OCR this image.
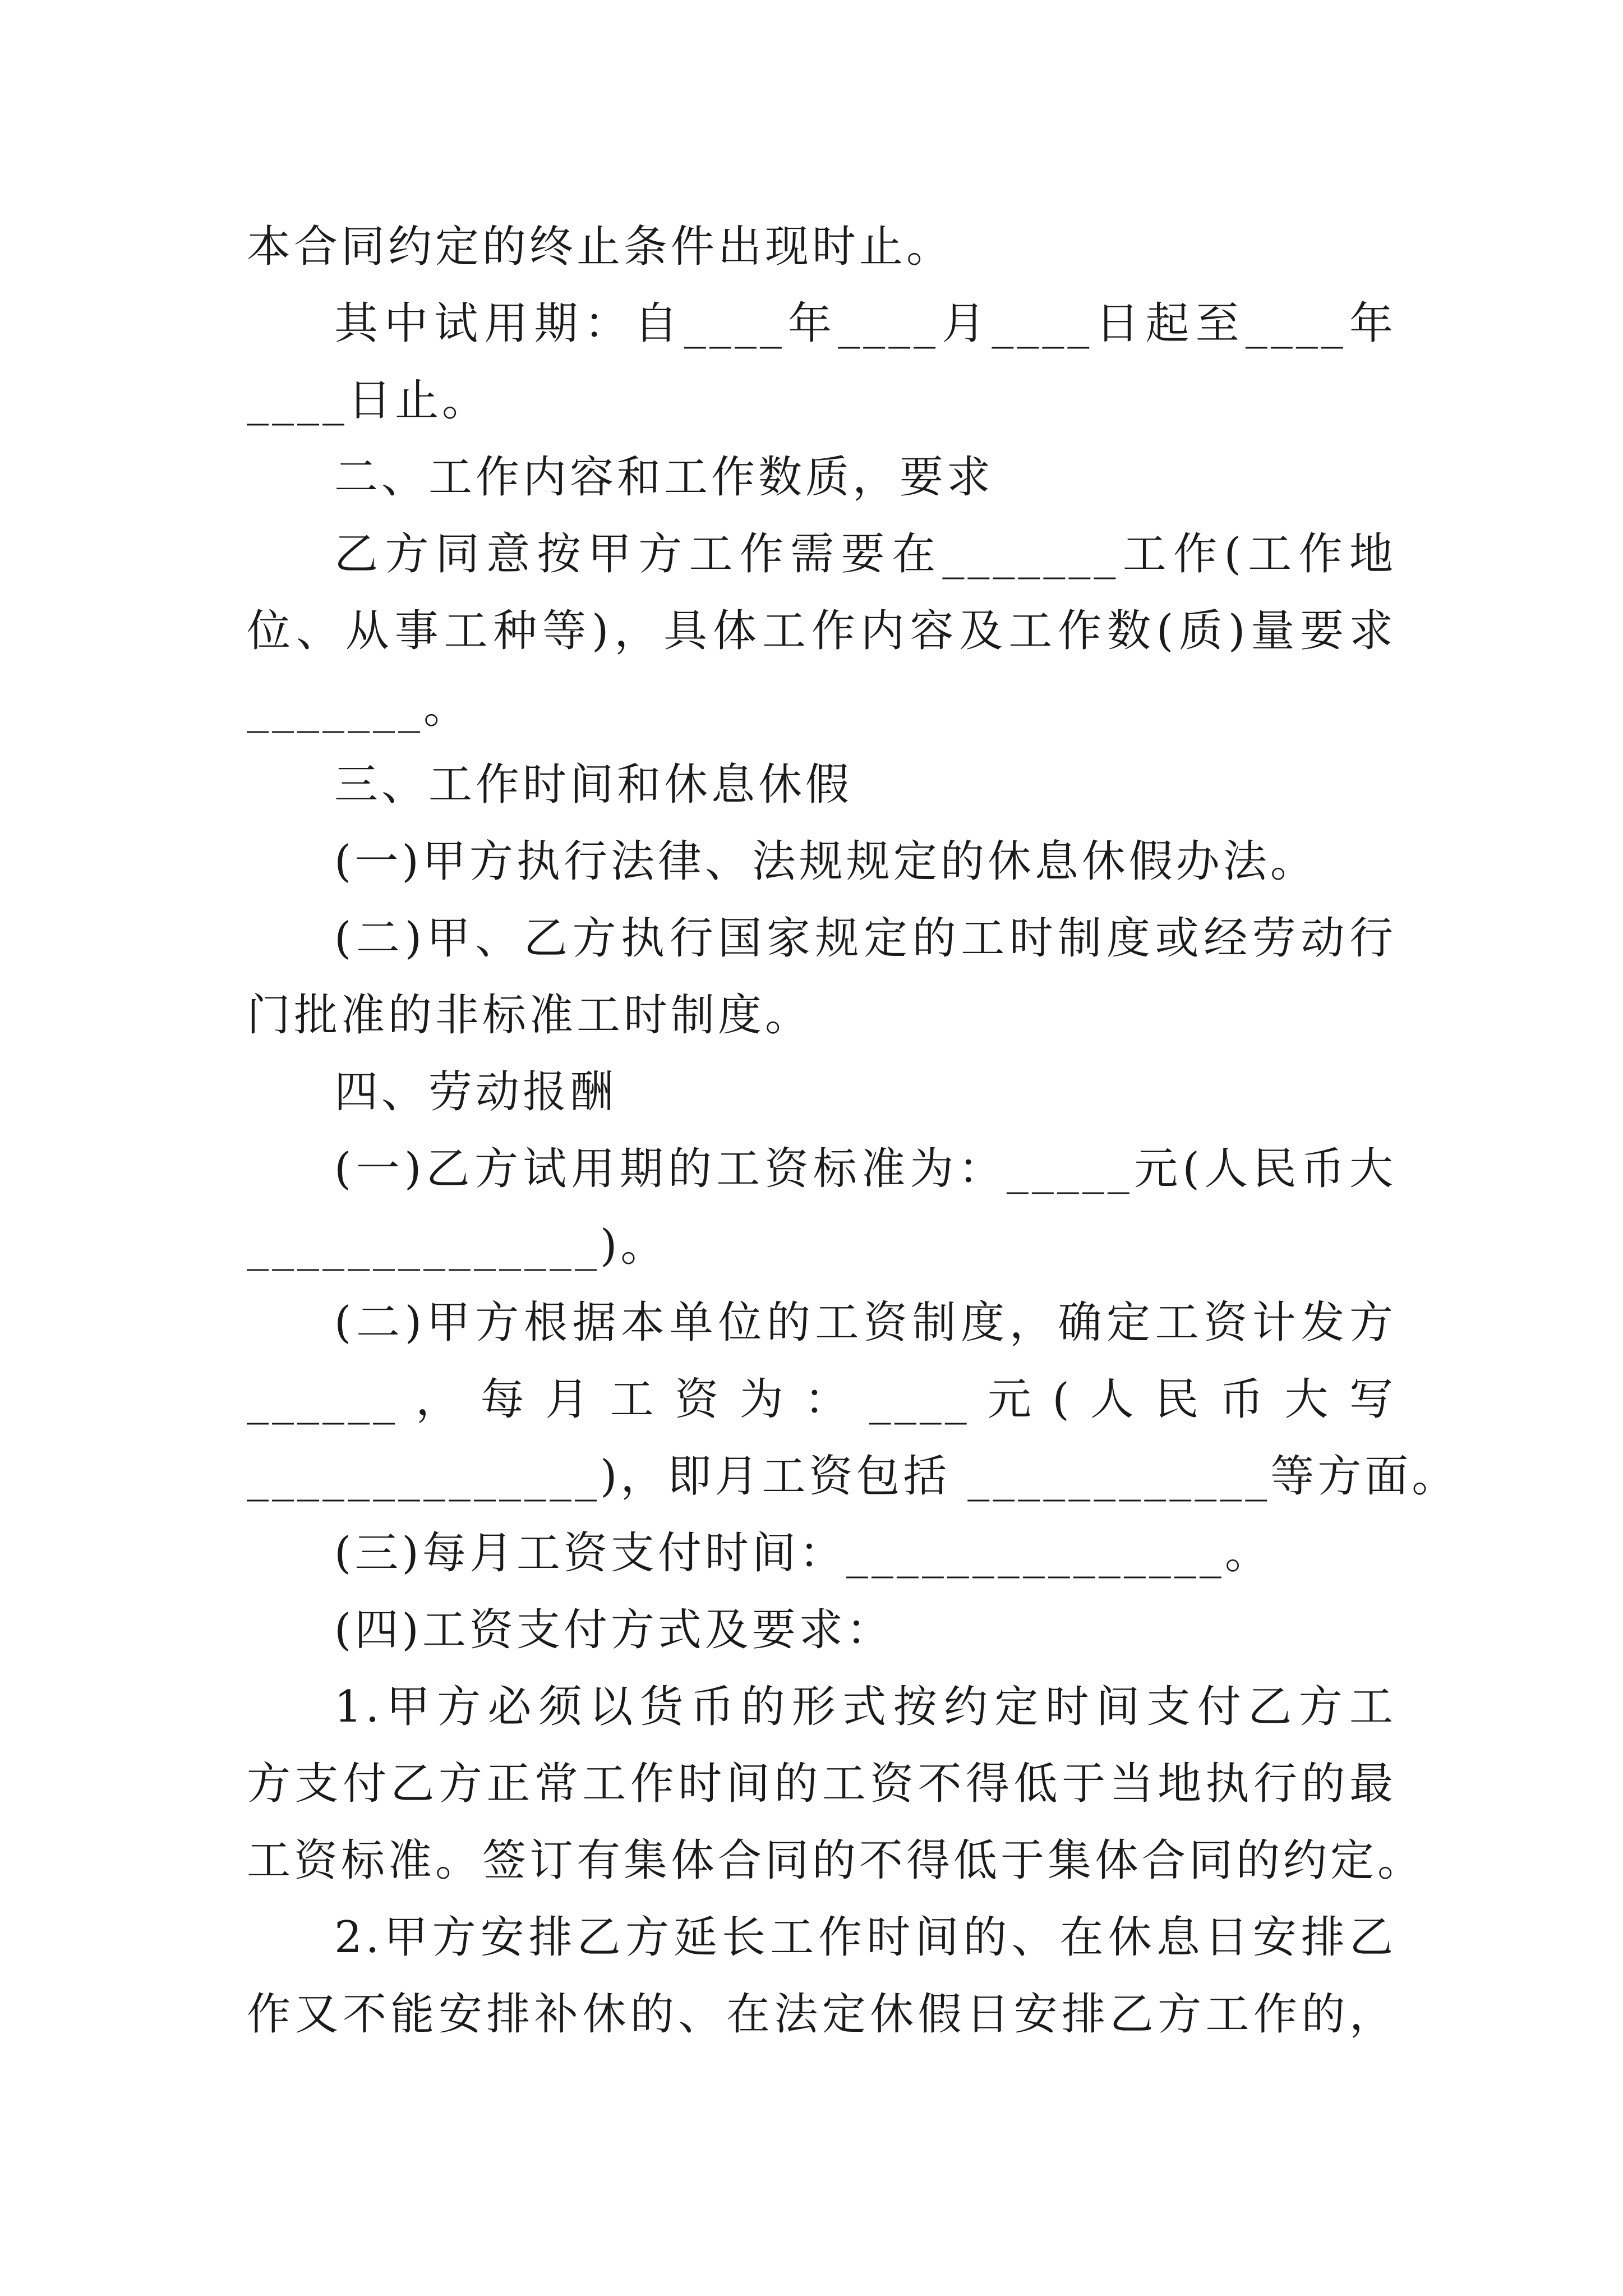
本合同约定的终止条件出现时止。
其中试用期：自____年____月____日起至____年
____日止。
二、工作内容和工作数质，要求
乙方同意按甲方工作需要在_______工作(工作地
位、从事工种等)，具体工作内容及工作数(质)量要求
_______。
三、工作时间和休息休假
(一)甲方执行法律、法规规定的休息休假办法。
(二)甲、乙方执行国家规定的工时制度或经劳动行
门批准的非标准工时制度。
四、劳动报酬
(一)乙方试用期的工资标准为：_____元(人民币大
______________)。
(二)甲方根据本单位的工资制度，确定工资计发方
______ ， 每 月 工 资 为 ： ____ 元 ( 人 民 币 大 写
______________)，即月工资包括 ____________等方面。
(三)每月工资支付时间：_______________。
(四)工资支付方式及要求：
1.甲方必须以货币的形式按约定时间支付乙方工
方支付乙方正常工作时间的工资不得低于当地执行的最
工资标准。签订有集体合同的不得低于集体合同的约定。
2.甲方安排乙方延长工作时间的、在休息日安排乙
作又不能安排补休的、在法定休假日安排乙方工作的，
